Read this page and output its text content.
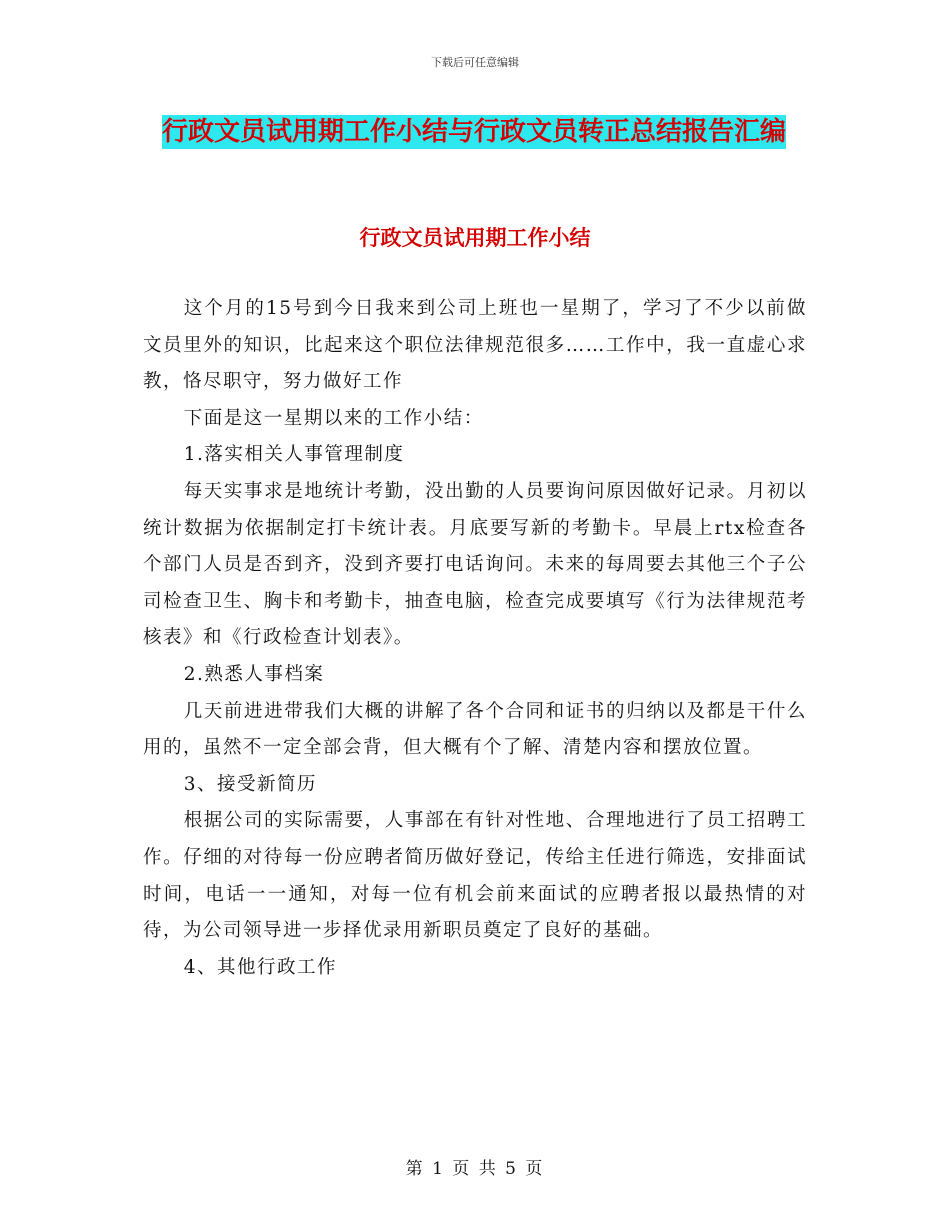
下载后可任意编辑
行政文员试用期工作小结与行政文员转正总结报告汇编
行政文员试用期工作小结

这个月的15号到今日我来到公司上班也一星期了，学习了不少以前做文员里外的知识，比起来这个职位法律规范很多……工作中，我一直虚心求教，恪尽职守，努力做好工作

下面是这一星期以来的工作小结：

1.落实相关人事管理制度

每天实事求是地统计考勤，没出勤的人员要询问原因做好记录。月初以统计数据为依据制定打卡统计表。月底要写新的考勤卡。早晨上rtx检查各个部门人员是否到齐，没到齐要打电话询问。未来的每周要去其他三个子公司检查卫生、胸卡和考勤卡，抽查电脑，检查完成要填写《行为法律规范考核表》和《行政检查计划表》。

2.熟悉人事档案

几天前进进带我们大概的讲解了各个合同和证书的归纳以及都是干什么用的，虽然不一定全部会背，但大概有个了解、清楚内容和摆放位置。

3、接受新简历

根据公司的实际需要，人事部在有针对性地、合理地进行了员工招聘工作。仔细的对待每一份应聘者简历做好登记，传给主任进行筛选，安排面试时间，电话一一通知，对每一位有机会前来面试的应聘者报以最热情的对待，为公司领导进一步择优录用新职员奠定了良好的基础。

4、其他行政工作

第 1 页 共 5 页
